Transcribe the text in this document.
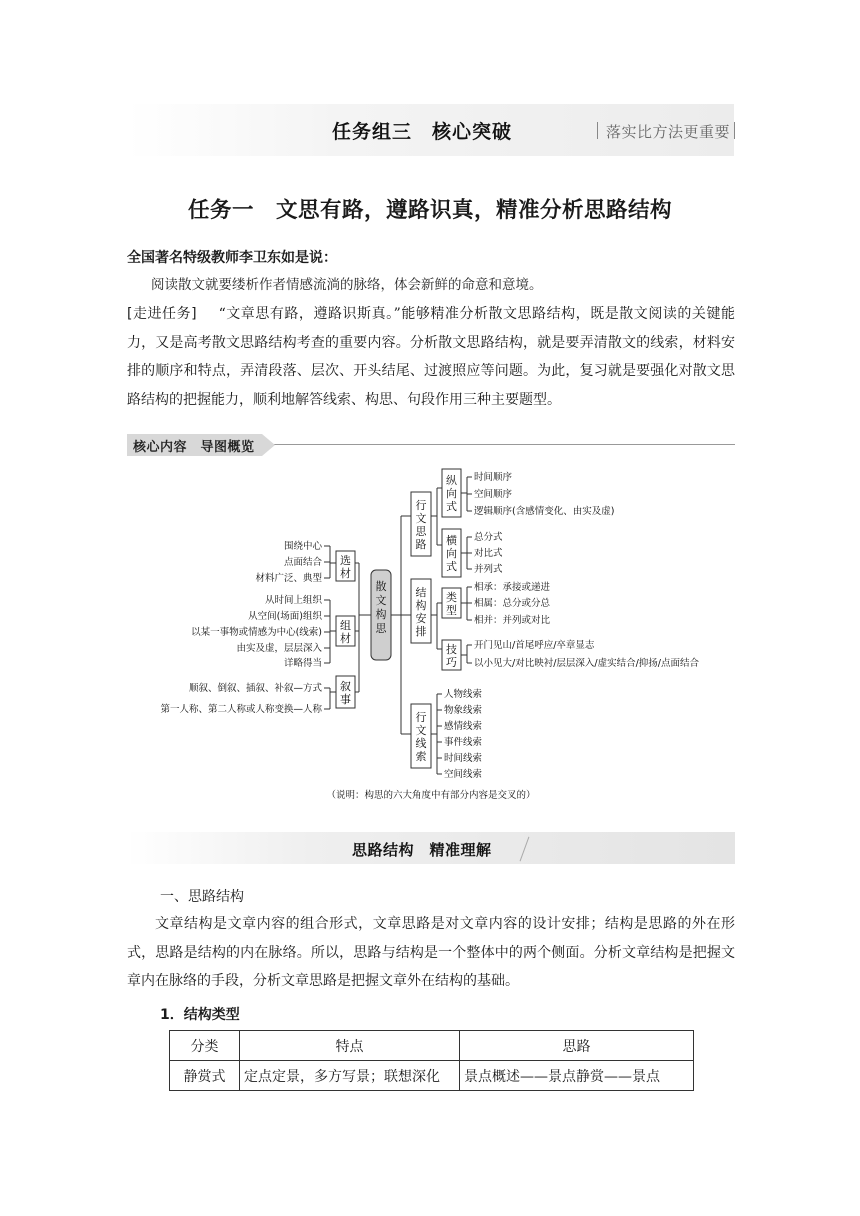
任务组三　核心突破	落实比方法更重要
任务一　文思有路，遵路识真，精准分析思路结构
全国著名特级教师李卫东如是说：
阅读散文就要缕析作者情感流淌的脉络，体会新鲜的命意和意境。
[走进任务] “文章思有路，遵路识斯真。”能够精准分析散文思路结构，既是散文阅读的关键能力，又是高考散文思路结构考查的重要内容。分析散文思路结构，就是要弄清散文的线索，材料安排的顺序和特点，弄清段落、层次、开头结尾、过渡照应等问题。为此，复习就是要强化对散文思路结构的把握能力，顺利地解答线索、构思、句段作用三种主要题型。
核心内容　导图概览
散文构思
选材
组材
叙事
围绕中心
点面结合
材料广泛、典型
从时间上组织
从空间(场面)组织
以某一事物或情感为中心(线索)
由实及虚，层层深入
详略得当
顺叙、倒叙、插叙、补叙—方式
第一人称、第二人称或人称变换—人称
行文思路
结构安排
行文线索
纵向式
横向式
类型
技巧
时间顺序
空间顺序
逻辑顺序(含感情变化、由实及虚)
总分式
对比式
并列式
相承：承接或递进
相属：总分或分总
相并：并列或对比
开门见山/首尾呼应/卒章显志
以小见大/对比映衬/层层深入/虚实结合/抑扬/点面结合
人物线索
物象线索
感情线索
事件线索
时间线索
空间线索
（说明：构思的六大角度中有部分内容是交叉的）
思路结构　精准理解
一、思路结构
文章结构是文章内容的组合形式，文章思路是对文章内容的设计安排；结构是思路的外在形式，思路是结构的内在脉络。所以，思路与结构是一个整体中的两个侧面。分析文章结构是把握文章内在脉络的手段，分析文章思路是把握文章外在结构的基础。
1．结构类型
分类	特点	思路
静赏式	定点定景，多方写景；联想深化	景点概述——景点静赏——景点
